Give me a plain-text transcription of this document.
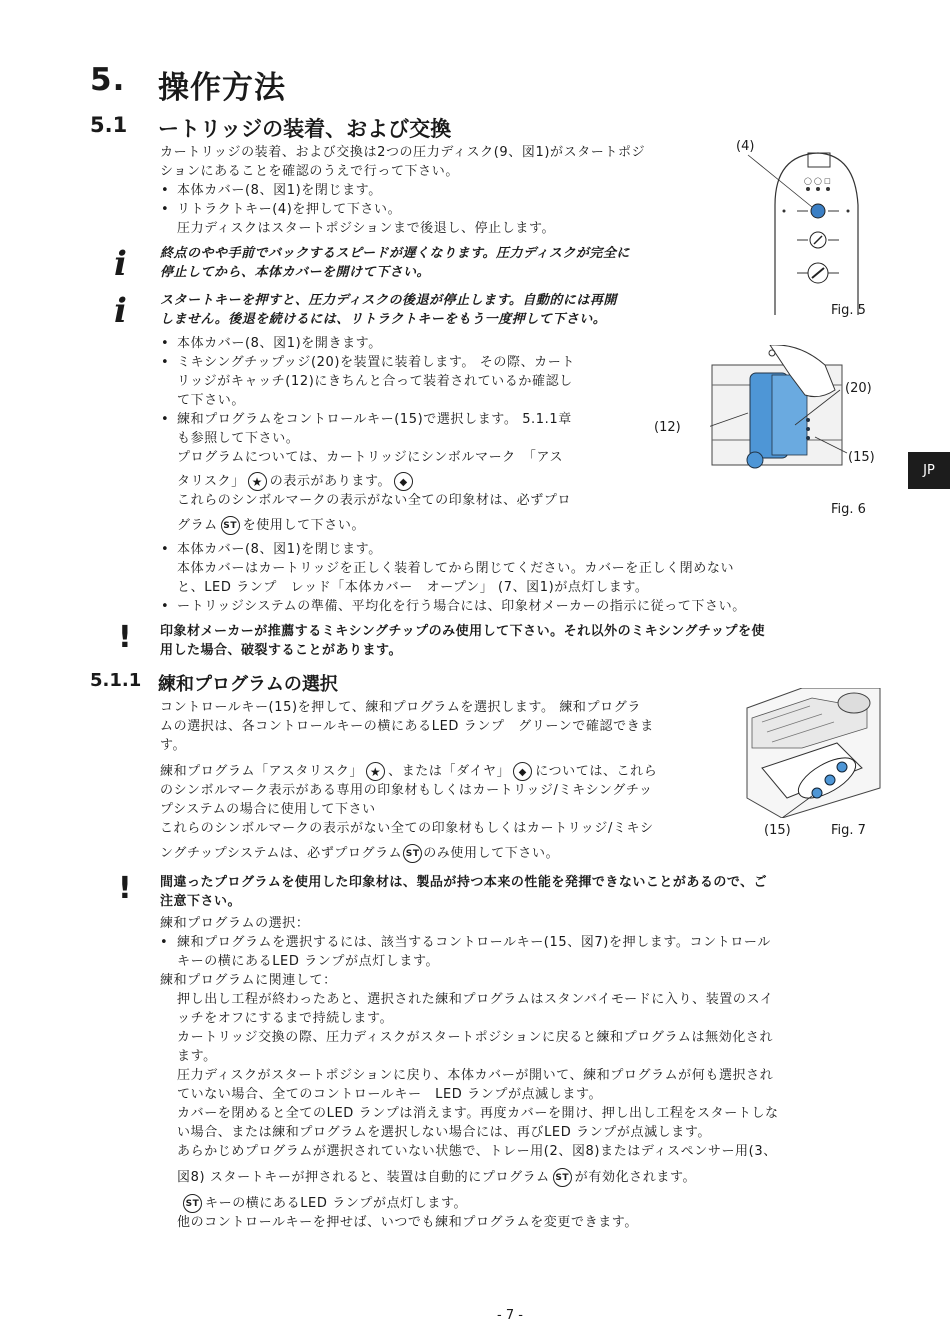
5. 操作方法
5.1 ートリッジの装着、および交換
カートリッジの装着、および交換は2つの圧力ディスク(9、図1)がスタートポジ
ションにあることを確認のうえで行って下さい。
• 本体カバー(8、図1)を閉じます。
• リトラクトキー(4)を押して下さい。
圧力ディスクはスタートポジションまで後退し、停止します。
i	終点のやや手前でバックするスピードが遅くなります。圧力ディスクが完全に
停止してから、本体カバーを開けて下さい。
i	スタートキーを押すと、圧力ディスクの後退が停止します。自動的には再開
しません。後退を続けるには、リトラクトキーをもう一度押して下さい。
• 本体カバー(8、図1)を開きます。
• ミキシングチップッジ(20)を装置に装着します。 その際、カート
リッジがキャッチ(12)にきちんと合って装着されているか確認し
て下さい。
• 練和プログラムをコントロールキー(15)で選択します。 5.1.1章
も参照して下さい。
プログラムについては、カートリッジにシンボルマーク　「アス
タリスク」 ★ の表示があります。 ◆
これらのシンボルマークの表示がない全ての印象材は、必ずプロ
グラム ST を使用して下さい。
• 本体カバー(8、図1)を閉じます。
本体カバーはカートリッジを正しく装着してから閉じてください。カバーを正しく閉めない
と、LED ランプ　レッド「本体カバー　オープン」 (7、図1)が点灯します。
• ートリッジシステムの準備、平均化を行う場合には、印象材メーカーの指示に従って下さい。
! 印象材メーカーが推薦するミキシングチップのみ使用して下さい。それ以外のミキシングチップを使
用した場合、破裂することがあります。
5.1.1 練和プログラムの選択
コントロールキー(15)を押して、練和プログラムを選択します。 練和プログラ
ムの選択は、各コントロールキーの横にあるLED ランプ　グリーンで確認できま
す。
練和プログラム「アスタリスク」 ★ 、または「ダイヤ」 ◆ については、これら
のシンボルマーク表示がある専用の印象材もしくはカートリッジ/ミキシングチッ
プシステムの場合に使用して下さい
これらのシンボルマークの表示がない全ての印象材もしくはカートリッジ/ミキシ
ングチップシステムは、必ずプログラム ST のみ使用して下さい。
! 間違ったプログラムを使用した印象材は、製品が持つ本来の性能を発揮できないことがあるので、ご
注意下さい。
練和プログラムの選択：
• 練和プログラムを選択するには、該当するコントロールキー(15、図7)を押します。コントロール
キーの横にあるLED ランプが点灯します。
練和プログラムに関連して：
押し出し工程が終わったあと、選択された練和プログラムはスタンバイモードに入り、装置のスイ
ッチをオフにするまで持続します。
カートリッジ交換の際、圧力ディスクがスタートポジションに戻ると練和プログラムは無効化され
ます。
圧力ディスクがスタートポジションに戻り、本体カバーが開いて、練和プログラムが何も選択され
ていない場合、全てのコントロールキー　LED ランプが点滅します。
カバーを閉めると全てのLED ランプは消えます。再度カバーを開け、押し出し工程をスタートしな
い場合、または練和プログラムを選択しない場合には、再びLED ランプが点滅します。
あらかじめプログラムが選択されていない状態で、トレー用(2、図8)またはディスペンサー用(3、
図8) スタートキーが押されると、装置は自動的にプログラム ST が有効化されます。
ST キーの横にあるLED ランプが点灯します。
他のコントロールキーを押せば、いつでも練和プログラムを変更できます。
(4)
◯ ◯ □
Fig. 5
(20)
(12)
(15)
Fig. 6
JP
(15)	Fig. 7
- 7 -
